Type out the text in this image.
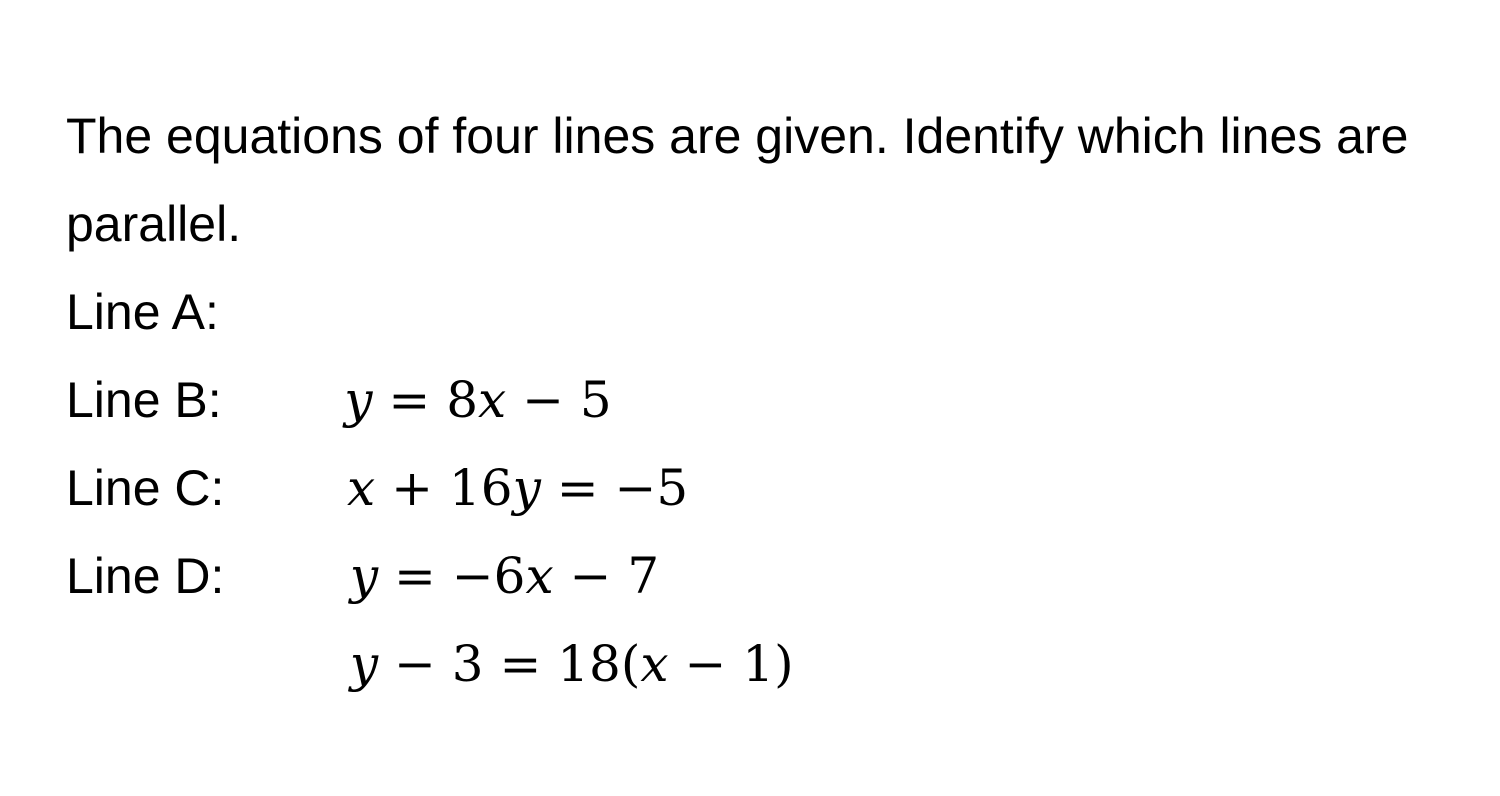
The equations of four lines are given. Identify which lines are parallel.

Line A:

y = 8x − 5

Line B:

x + 16y = −5

Line C:

y = −6x − 7

Line D:

y − 3 = 18(x − 1)
